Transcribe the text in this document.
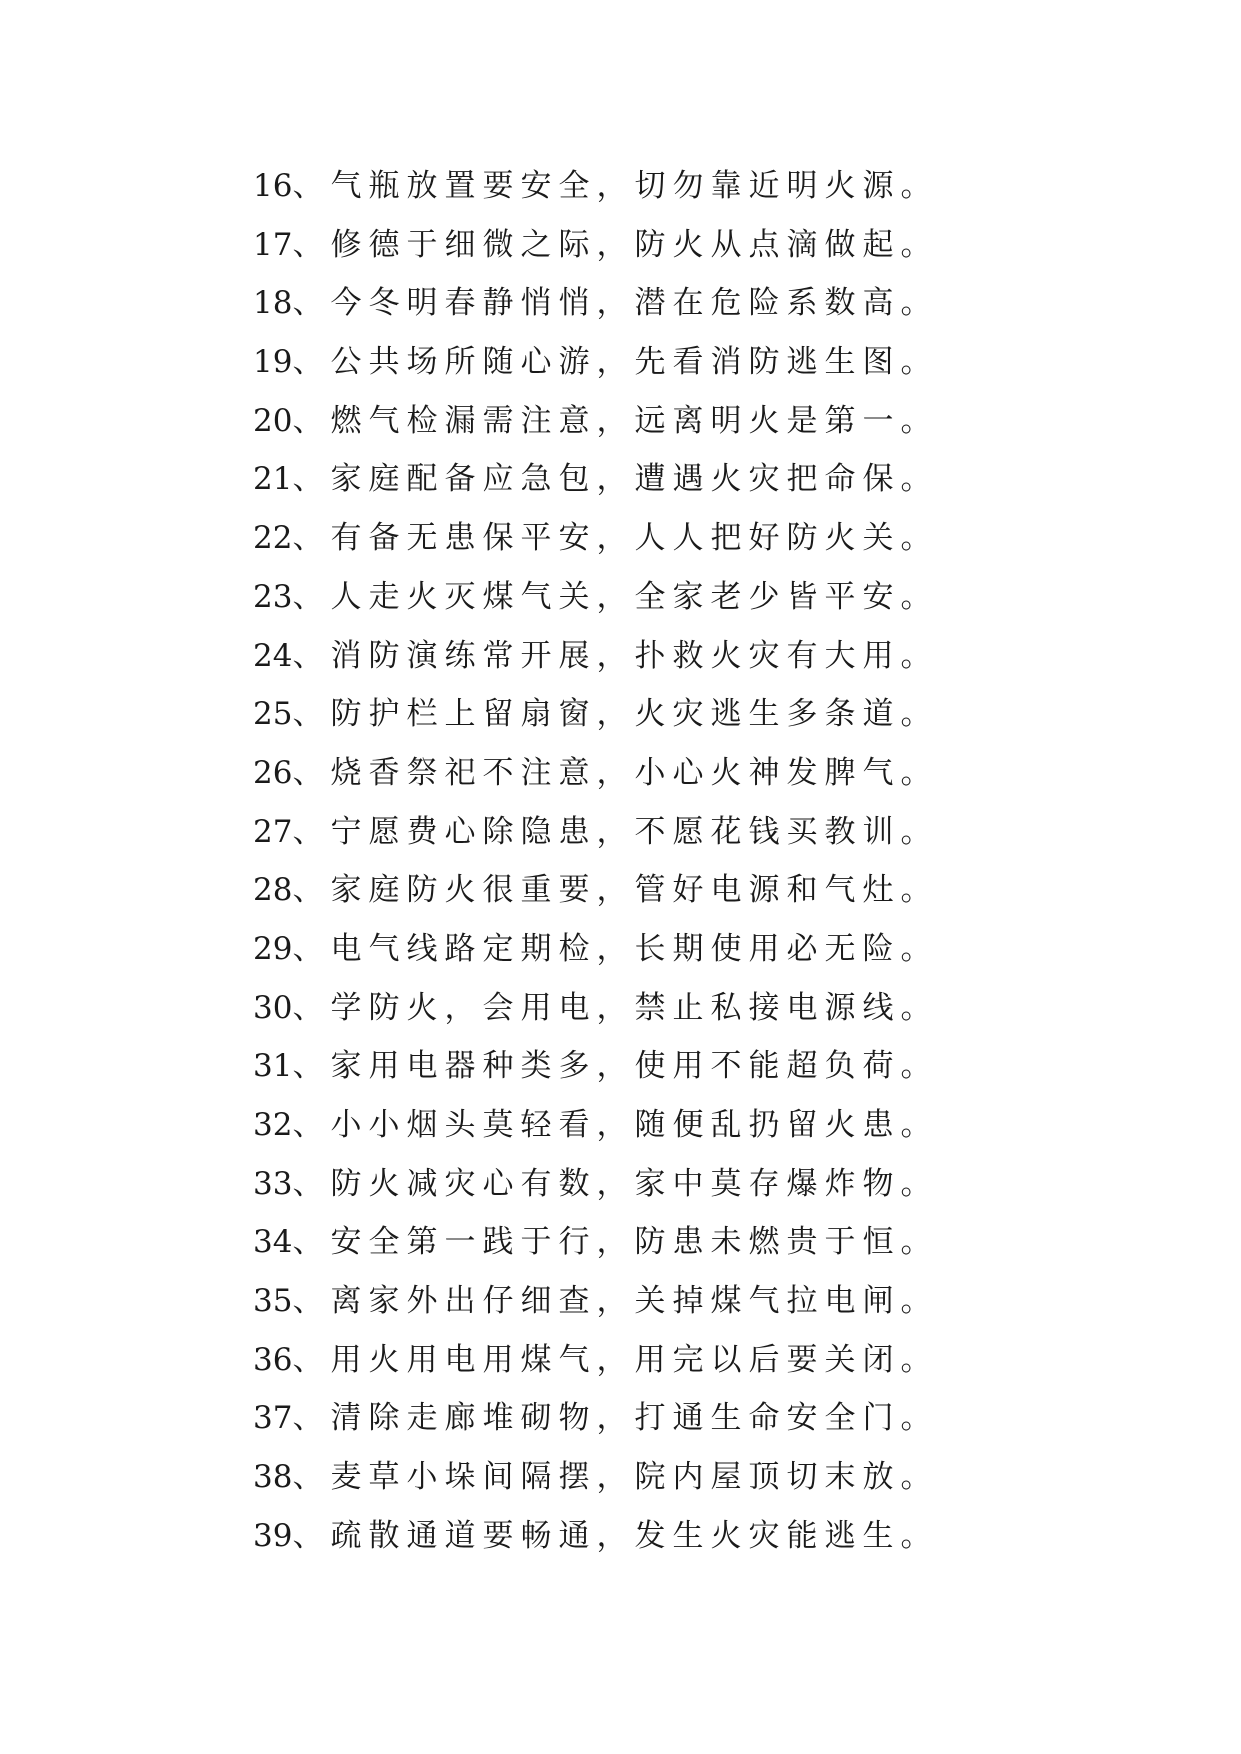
16、气瓶放置要安全，切勿靠近明火源。
17、修德于细微之际，防火从点滴做起。
18、今冬明春静悄悄，潜在危险系数高。
19、公共场所随心游，先看消防逃生图。
20、燃气检漏需注意，远离明火是第一。
21、家庭配备应急包，遭遇火灾把命保。
22、有备无患保平安，人人把好防火关。
23、人走火灭煤气关，全家老少皆平安。
24、消防演练常开展，扑救火灾有大用。
25、防护栏上留扇窗，火灾逃生多条道。
26、烧香祭祀不注意，小心火神发脾气。
27、宁愿费心除隐患，不愿花钱买教训。
28、家庭防火很重要，管好电源和气灶。
29、电气线路定期检，长期使用必无险。
30、学防火，会用电，禁止私接电源线。
31、家用电器种类多，使用不能超负荷。
32、小小烟头莫轻看，随便乱扔留火患。
33、防火减灾心有数，家中莫存爆炸物。
34、安全第一践于行，防患未燃贵于恒。
35、离家外出仔细查，关掉煤气拉电闸。
36、用火用电用煤气，用完以后要关闭。
37、清除走廊堆砌物，打通生命安全门。
38、麦草小垛间隔摆，院内屋顶切末放。
39、疏散通道要畅通，发生火灾能逃生。
